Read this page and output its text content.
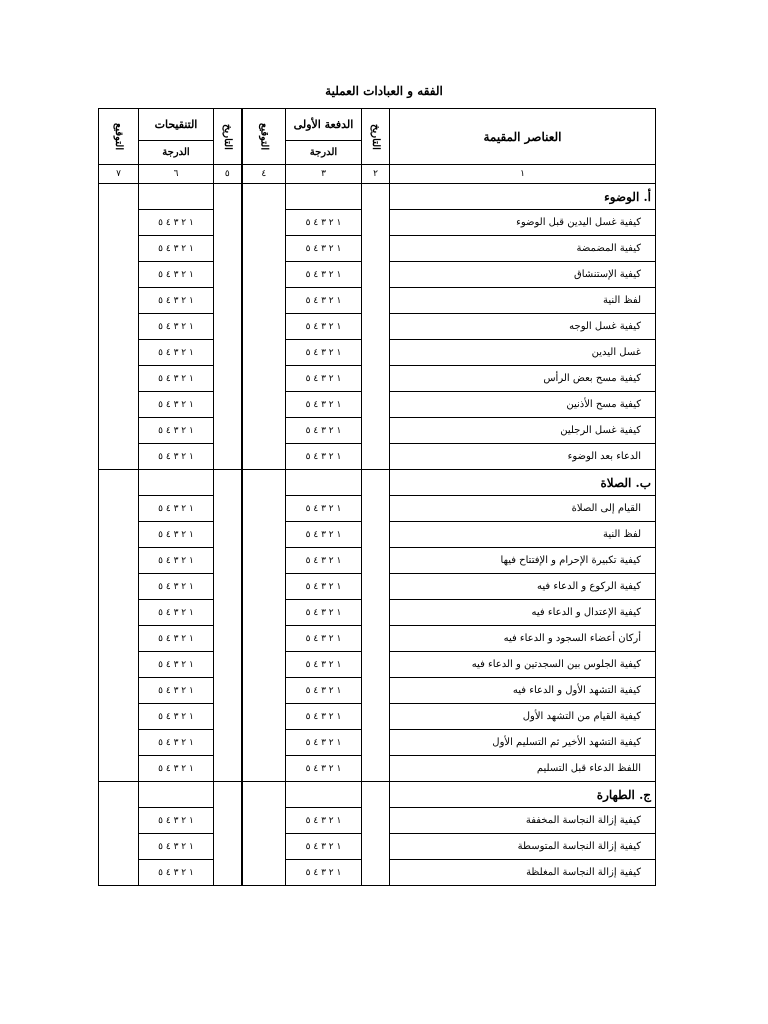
الفقه و العبادات العملية
العناصر المقيمة	التاريخ	الدفعة الأولى	التوقيع	التاريخ	التنقيحات	التوقيع

		الدرجة			الدرجة	
١	٢	٣	٤	٥	٦	٧
أ. الوضوء						
كيفية غسل اليدين قبل الوضوء		١ ٢ ٣ ٤ ٥			١ ٢ ٣ ٤ ٥	
كيفية المضمضة		١ ٢ ٣ ٤ ٥			١ ٢ ٣ ٤ ٥	
كيفية الإستنشاق		١ ٢ ٣ ٤ ٥			١ ٢ ٣ ٤ ٥	
لفظ النية		١ ٢ ٣ ٤ ٥			١ ٢ ٣ ٤ ٥	
كيفية غسل الوجه		١ ٢ ٣ ٤ ٥			١ ٢ ٣ ٤ ٥	
غسل اليدين		١ ٢ ٣ ٤ ٥			١ ٢ ٣ ٤ ٥	
كيفية مسح بعض الرأس		١ ٢ ٣ ٤ ٥			١ ٢ ٣ ٤ ٥	
كيفية مسح الأذنين		١ ٢ ٣ ٤ ٥			١ ٢ ٣ ٤ ٥	
كيفية غسل الرجلين		١ ٢ ٣ ٤ ٥			١ ٢ ٣ ٤ ٥	
الدعاء بعد الوضوء		١ ٢ ٣ ٤ ٥			١ ٢ ٣ ٤ ٥	
ب. الصلاة						
القيام إلى الصلاة		١ ٢ ٣ ٤ ٥			١ ٢ ٣ ٤ ٥	
لفظ النية		١ ٢ ٣ ٤ ٥			١ ٢ ٣ ٤ ٥	
كيفية تكبيرة الإحرام و الإفتتاح فيها		١ ٢ ٣ ٤ ٥			١ ٢ ٣ ٤ ٥	
كيفية الركوع و الدعاء فيه		١ ٢ ٣ ٤ ٥			١ ٢ ٣ ٤ ٥	
كيفية الإعتدال و الدعاء فيه		١ ٢ ٣ ٤ ٥			١ ٢ ٣ ٤ ٥	
أركان أعضاء السجود و الدعاء فيه		١ ٢ ٣ ٤ ٥			١ ٢ ٣ ٤ ٥	
كيفية الجلوس بين السجدتين و الدعاء فيه		١ ٢ ٣ ٤ ٥			١ ٢ ٣ ٤ ٥	
كيفية التشهد الأول و الدعاء فيه		١ ٢ ٣ ٤ ٥			١ ٢ ٣ ٤ ٥	
كيفية القيام من التشهد الأول		١ ٢ ٣ ٤ ٥			١ ٢ ٣ ٤ ٥	
كيفية التشهد الأخير ثم التسليم الأول		١ ٢ ٣ ٤ ٥			١ ٢ ٣ ٤ ٥	
اللفظ الدعاء قبل التسليم		١ ٢ ٣ ٤ ٥			١ ٢ ٣ ٤ ٥	
ج. الطهارة						
كيفية إزالة النجاسة المخففة		١ ٢ ٣ ٤ ٥			١ ٢ ٣ ٤ ٥	
كيفية إزالة النجاسة المتوسطة		١ ٢ ٣ ٤ ٥			١ ٢ ٣ ٤ ٥	
كيفية إزالة النجاسة المغلظة		١ ٢ ٣ ٤ ٥			١ ٢ ٣ ٤ ٥	
